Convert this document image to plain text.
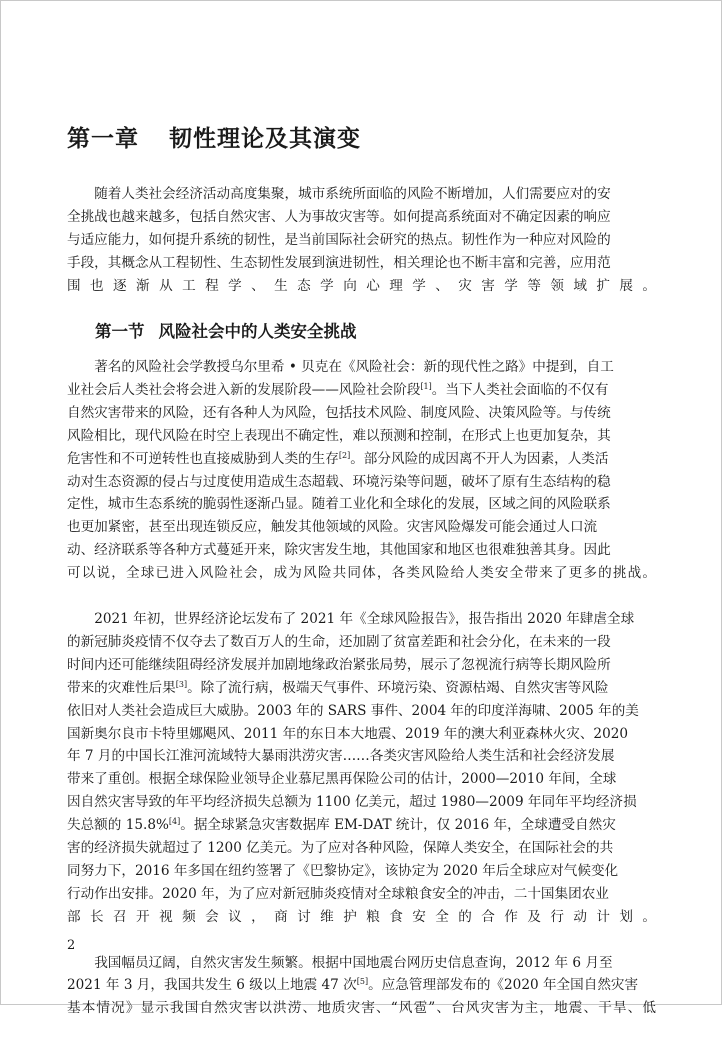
第一章 韧性理论及其演变

随着人类社会经济活动高度集聚，城市系统所面临的风险不断增加，人们需要应对的安
全挑战也越来越多，包括自然灾害、人为事故灾害等。如何提高系统面对不确定因素的响应
与适应能力，如何提升系统的韧性，是当前国际社会研究的热点。韧性作为一种应对风险的
手段，其概念从工程韧性、生态韧性发展到演进韧性，相关理论也不断丰富和完善，应用范
围也逐渐从工程学、生态学向心理学、灾害学等领域扩展。

第一节 风险社会中的人类安全挑战

著名的风险社会学教授乌尔里希 • 贝克在《风险社会：新的现代性之路》中提到，自工
业社会后人类社会将会进入新的发展阶段——风险社会阶段[1]。当下人类社会面临的不仅有
自然灾害带来的风险，还有各种人为风险，包括技术风险、制度风险、决策风险等。与传统
风险相比，现代风险在时空上表现出不确定性，难以预测和控制，在形式上也更加复杂，其
危害性和不可逆转性也直接威胁到人类的生存[2]。部分风险的成因离不开人为因素，人类活
动对生态资源的侵占与过度使用造成生态超载、环境污染等问题，破坏了原有生态结构的稳
定性，城市生态系统的脆弱性逐渐凸显。随着工业化和全球化的发展，区域之间的风险联系
也更加紧密，甚至出现连锁反应，触发其他领域的风险。灾害风险爆发可能会通过人口流
动、经济联系等各种方式蔓延开来，除灾害发生地，其他国家和地区也很难独善其身。因此
可以说，全球已进入风险社会，成为风险共同体，各类风险给人类安全带来了更多的挑战。

2021 年初，世界经济论坛发布了 2021 年《全球风险报告》，报告指出 2020 年肆虐全球
的新冠肺炎疫情不仅夺去了数百万人的生命，还加剧了贫富差距和社会分化，在未来的一段
时间内还可能继续阻碍经济发展并加剧地缘政治紧张局势，展示了忽视流行病等长期风险所
带来的灾难性后果[3]。除了流行病，极端天气事件、环境污染、资源枯竭、自然灾害等风险
依旧对人类社会造成巨大威胁。2003 年的 SARS 事件、2004 年的印度洋海啸、2005 年的美
国新奥尔良市卡特里娜飓风、2011 年的东日本大地震、2019 年的澳大利亚森林火灾、2020
年 7 月的中国长江淮河流域特大暴雨洪涝灾害……各类灾害风险给人类生活和社会经济发展
带来了重创。根据全球保险业领导企业慕尼黑再保险公司的估计，2000—2010 年间，全球
因自然灾害导致的年平均经济损失总额为 1100 亿美元，超过 1980—2009 年同年平均经济损
失总额的 15.8%[4]。据全球紧急灾害数据库 EM-DAT 统计，仅 2016 年，全球遭受自然灾
害的经济损失就超过了 1200 亿美元。为了应对各种风险，保障人类安全，在国际社会的共
同努力下，2016 年多国在纽约签署了《巴黎协定》，该协定为 2020 年后全球应对气候变化
行动作出安排。2020 年，为了应对新冠肺炎疫情对全球粮食安全的冲击，二十国集团农业
部长召开视频会议，商讨维护粮食安全的合作及行动计划。

我国幅员辽阔，自然灾害发生频繁。根据中国地震台网历史信息查询，2012 年 6 月至
2021 年 3 月，我国共发生 6 级以上地震 47 次[5]。应急管理部发布的《2020 年全国自然灾害
基本情况》显示我国自然灾害以洪涝、地质灾害、“风雹”、台风灾害为主，地震、干旱、低

2
